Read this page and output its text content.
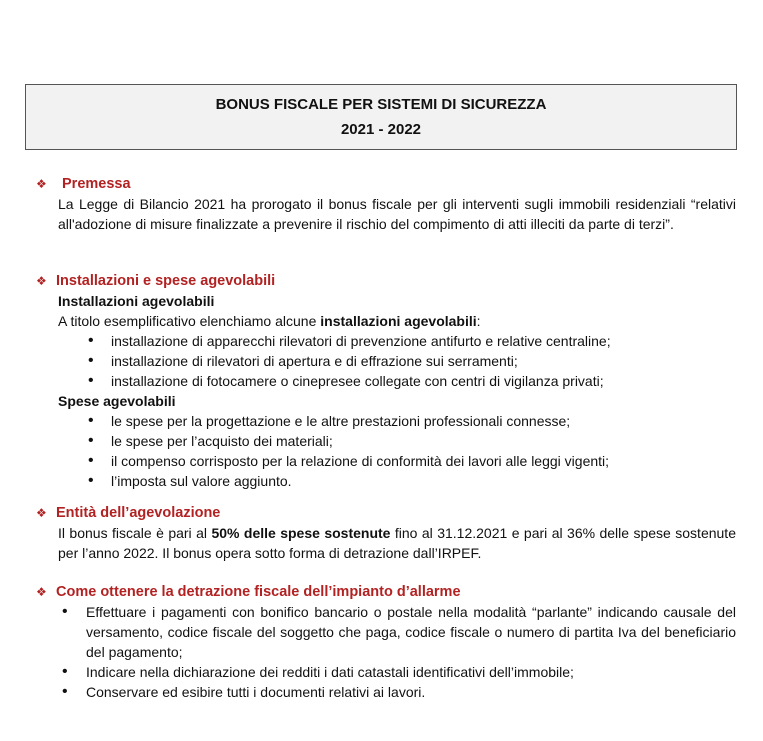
BONUS FISCALE PER SISTEMI DI SICUREZZA
2021 - 2022
❖	Premessa
La Legge di Bilancio 2021 ha prorogato il bonus fiscale per gli interventi sugli immobili residenziali “relativi all'adozione di misure finalizzate a prevenire il rischio del compimento di atti illeciti da parte di terzi”.
❖ Installazioni e spese agevolabili
Installazioni agevolabili
A titolo esemplificativo elenchiamo alcune installazioni agevolabili:
• installazione di apparecchi rilevatori di prevenzione antifurto e relative centraline;
• installazione di rilevatori di apertura e di effrazione sui serramenti;
• installazione di fotocamere o cinepresee collegate con centri di vigilanza privati;
Spese agevolabili
• le spese per la progettazione e le altre prestazioni professionali connesse;
• le spese per l’acquisto dei materiali;
• il compenso corrisposto per la relazione di conformità dei lavori alle leggi vigenti;
• l’imposta sul valore aggiunto.
❖ Entità dell’agevolazione
Il bonus fiscale è pari al 50% delle spese sostenute fino al 31.12.2021 e pari al 36% delle spese sostenute per l’anno 2022. Il bonus opera sotto forma di detrazione dall’IRPEF.
❖ Come ottenere la detrazione fiscale dell’impianto d’allarme
• Effettuare i pagamenti con bonifico bancario o postale nella modalità “parlante” indicando causale del versamento, codice fiscale del soggetto che paga, codice fiscale o numero di partita Iva del beneficiario del pagamento;
• Indicare nella dichiarazione dei redditi i dati catastali identificativi dell’immobile;
• Conservare ed esibire tutti i documenti relativi ai lavori.
